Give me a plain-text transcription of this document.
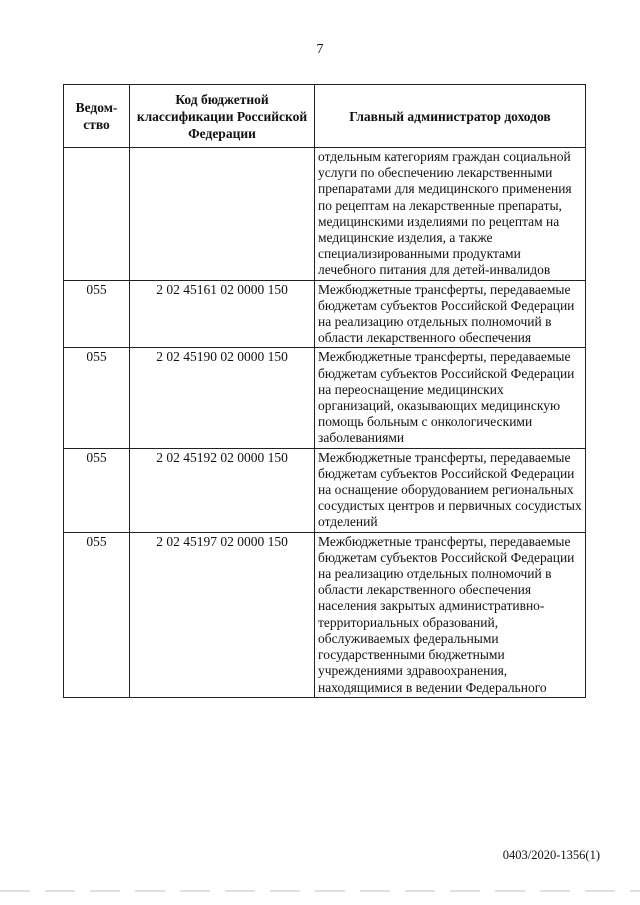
7
Ведом-ство	Код бюджетной классификации Российской Федерации	Главный администратор доходов
		отдельным категориям граждан социальной услуги по обеспечению лекарственными препаратами для медицинского применения по рецептам на лекарственные препараты, медицинскими изделиями по рецептам на медицинские изделия, а также специализированными продуктами лечебного питания для детей-инвалидов
055	2 02 45161 02 0000 150	Межбюджетные трансферты, передаваемые бюджетам субъектов Российской Федерации на реализацию отдельных полномочий в области лекарственного обеспечения
055	2 02 45190 02 0000 150	Межбюджетные трансферты, передаваемые бюджетам субъектов Российской Федерации на переоснащение медицинских организаций, оказывающих медицинскую помощь больным с онкологическими заболеваниями
055	2 02 45192 02 0000 150	Межбюджетные трансферты, передаваемые бюджетам субъектов Российской Федерации на оснащение оборудованием региональных сосудистых центров и первичных сосудистых отделений
055	2 02 45197 02 0000 150	Межбюджетные трансферты, передаваемые бюджетам субъектов Российской Федерации на реализацию отдельных полномочий в области лекарственного обеспечения населения закрытых административно-территориальных образований, обслуживаемых федеральными государственными бюджетными учреждениями здравоохранения, находящимися в ведении Федерального
0403/2020-1356(1)
